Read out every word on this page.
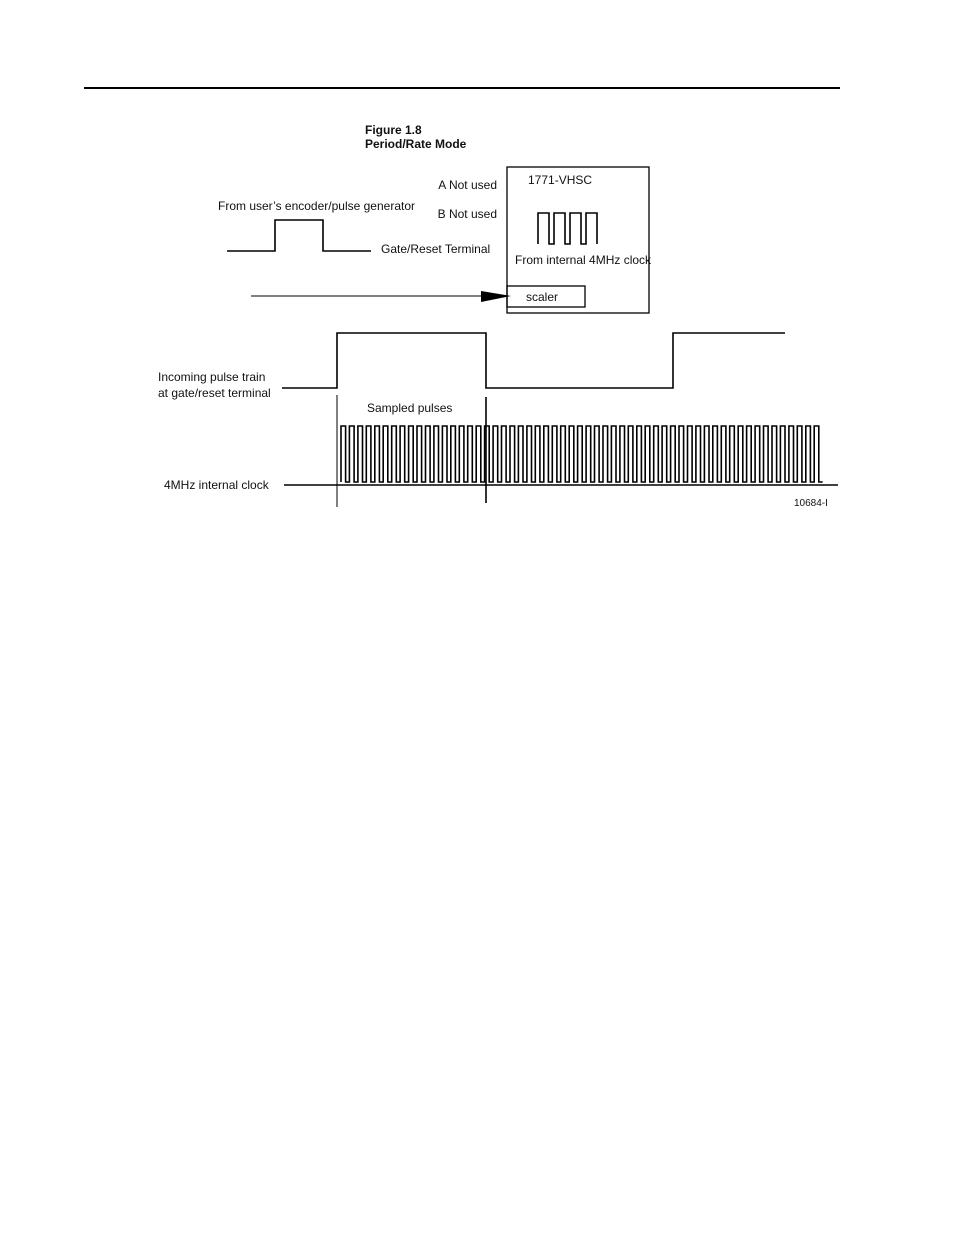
Figure 1.8
Period/Rate Mode
1771-VHSC
A Not used
B Not used
From internal 4MHz clock
scaler
From user’s encoder/pulse generator
Gate/Reset Terminal
Incoming pulse train
at gate/reset terminal
Sampled pulses
4MHz internal clock
10684-I
